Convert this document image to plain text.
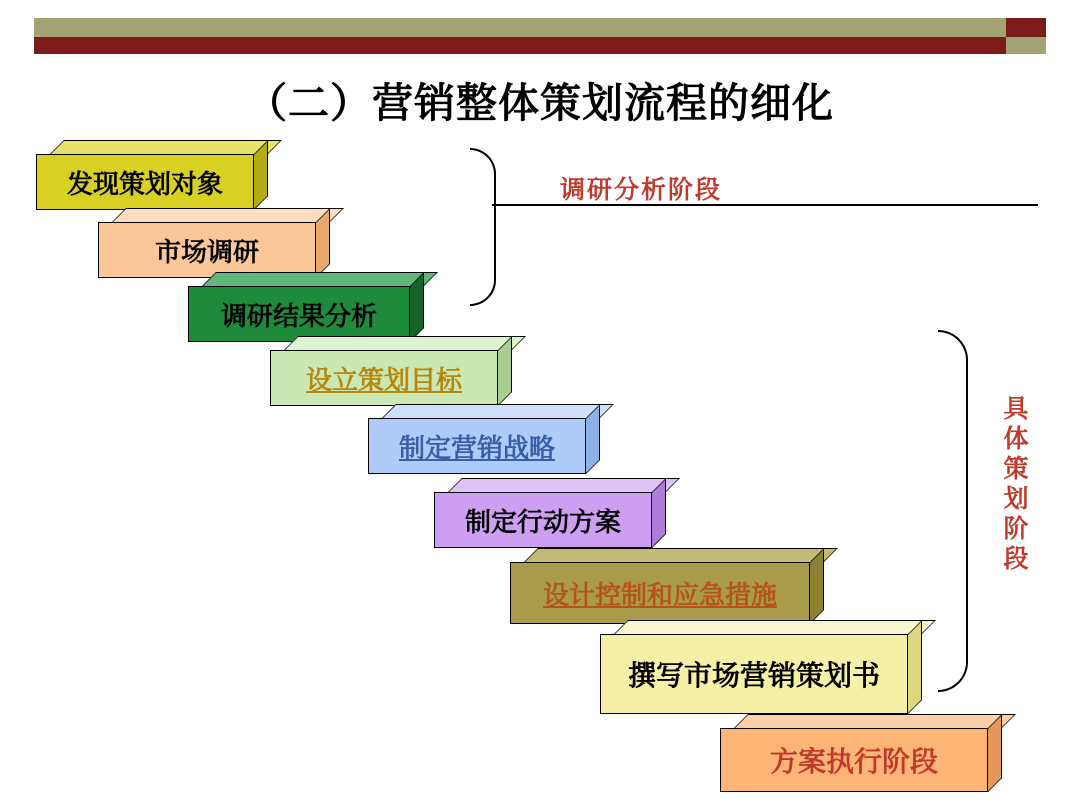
（二）营销整体策划流程的细化
发现策划对象
市场调研
调研结果分析
设立策划目标
制定营销战略
制定行动方案
设计控制和应急措施
撰写市场营销策划书
方案执行阶段
调研分析阶段
具
体
策
划
阶
段
